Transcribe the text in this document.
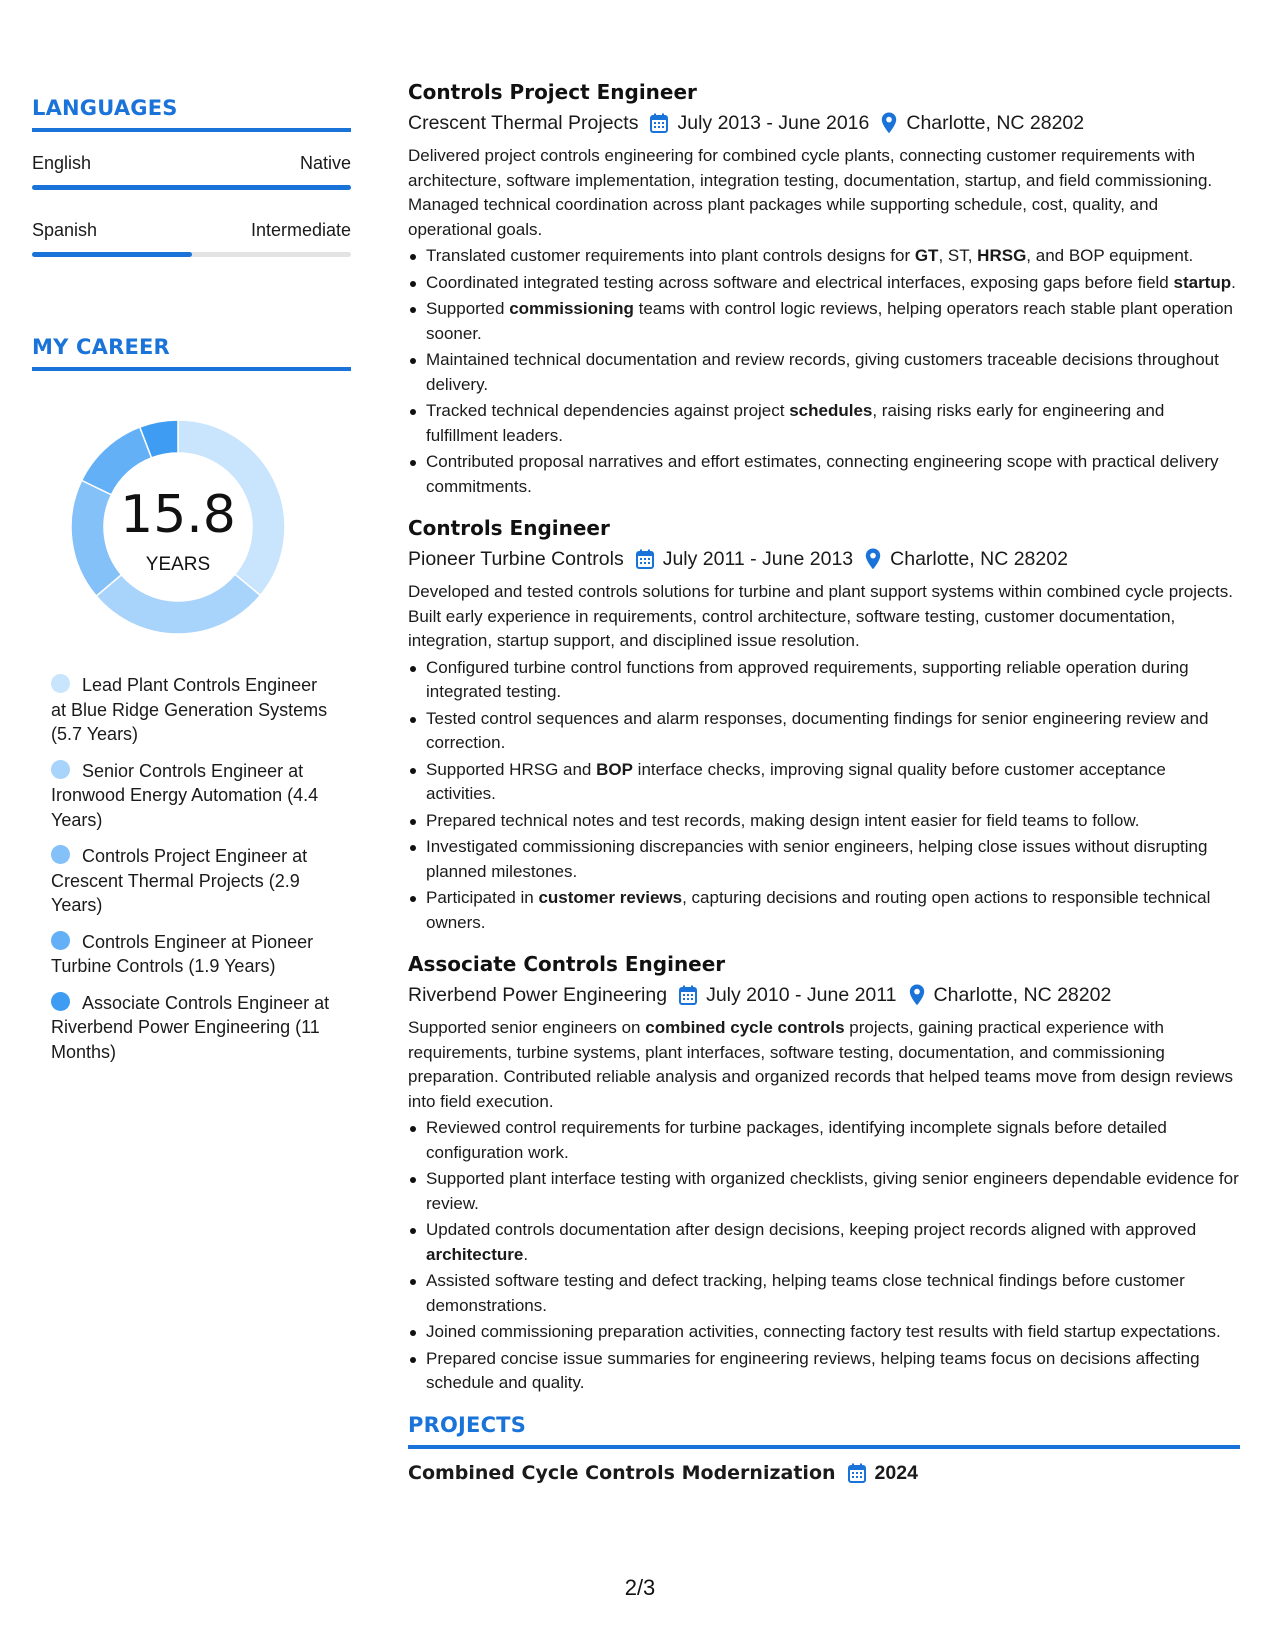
LANGUAGES
English	Native
Spanish	Intermediate
MY CAREER
15.8
YEARS
Lead Plant Controls Engineer at Blue Ridge Generation Systems (5.7 Years)
Senior Controls Engineer at Ironwood Energy Automation (4.4 Years)
Controls Project Engineer at Crescent Thermal Projects (2.9 Years)
Controls Engineer at Pioneer Turbine Controls (1.9 Years)
Associate Controls Engineer at Riverbend Power Engineering (11 Months)
Controls Project Engineer
Crescent Thermal Projects July 2013 - June 2016 Charlotte, NC 28202
Delivered project controls engineering for combined cycle plants, connecting customer requirements with architecture, software implementation, integration testing, documentation, startup, and field commissioning. Managed technical coordination across plant packages while supporting schedule, cost, quality, and operational goals.
Translated customer requirements into plant controls designs for GT, ST, HRSG, and BOP equipment.
Coordinated integrated testing across software and electrical interfaces, exposing gaps before field startup.
Supported commissioning teams with control logic reviews, helping operators reach stable plant operation sooner.
Maintained technical documentation and review records, giving customers traceable decisions throughout delivery.
Tracked technical dependencies against project schedules, raising risks early for engineering and fulfillment leaders.
Contributed proposal narratives and effort estimates, connecting engineering scope with practical delivery commitments.
Controls Engineer
Pioneer Turbine Controls July 2011 - June 2013 Charlotte, NC 28202
Developed and tested controls solutions for turbine and plant support systems within combined cycle projects. Built early experience in requirements, control architecture, software testing, customer documentation, integration, startup support, and disciplined issue resolution.
Configured turbine control functions from approved requirements, supporting reliable operation during integrated testing.
Tested control sequences and alarm responses, documenting findings for senior engineering review and correction.
Supported HRSG and BOP interface checks, improving signal quality before customer acceptance activities.
Prepared technical notes and test records, making design intent easier for field teams to follow.
Investigated commissioning discrepancies with senior engineers, helping close issues without disrupting planned milestones.
Participated in customer reviews, capturing decisions and routing open actions to responsible technical owners.
Associate Controls Engineer
Riverbend Power Engineering July 2010 - June 2011 Charlotte, NC 28202
Supported senior engineers on combined cycle controls projects, gaining practical experience with requirements, turbine systems, plant interfaces, software testing, documentation, and commissioning preparation. Contributed reliable analysis and organized records that helped teams move from design reviews into field execution.
Reviewed control requirements for turbine packages, identifying incomplete signals before detailed configuration work.
Supported plant interface testing with organized checklists, giving senior engineers dependable evidence for review.
Updated controls documentation after design decisions, keeping project records aligned with approved architecture.
Assisted software testing and defect tracking, helping teams close technical findings before customer demonstrations.
Joined commissioning preparation activities, connecting factory test results with field startup expectations.
Prepared concise issue summaries for engineering reviews, helping teams focus on decisions affecting schedule and quality.
PROJECTS
Combined Cycle Controls Modernization 2024
2/3
